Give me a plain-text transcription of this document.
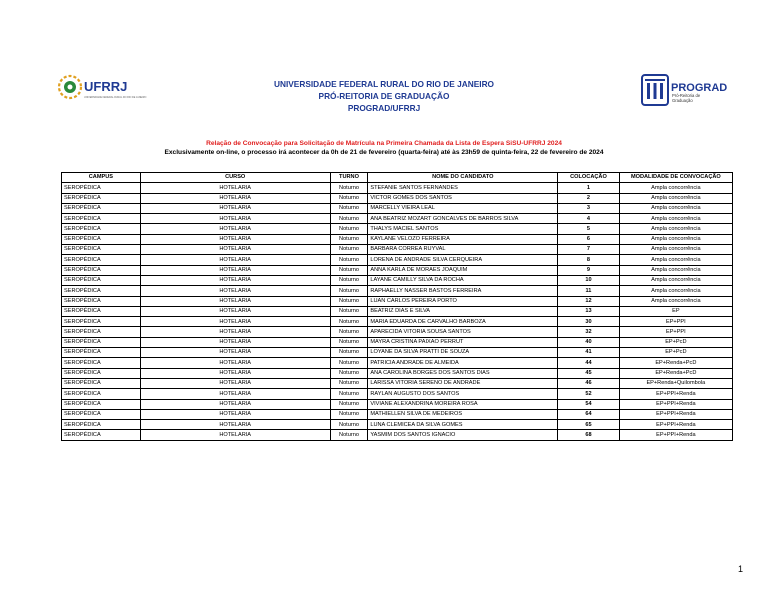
UFRRJ
UNIVERSIDADE FEDERAL RURAL DO RIO DE JANEIRO
PROGRAD
Pró-Reitoria de
Graduação
UNIVERSIDADE FEDERAL RURAL DO RIO DE JANEIRO
PRÓ-REITORIA DE GRADUAÇÃO
PROGRAD/UFRRJ
Relação de Convocação para Solicitação de Matrícula na Primeira Chamada da Lista de Espera SiSU-UFRRJ 2024
Exclusivamente on-line, o processo irá acontecer da 0h de 21 de fevereiro (quarta-feira) até às 23h59 de quinta-feira, 22 de fevereiro de 2024
CAMPUS	CURSO	TURNO	NOME DO CANDIDATO	COLOCAÇÃO	MODALIDADE DE CONVOCAÇÃO
SEROPÉDICA	HOTELARIA	Noturno	STEFANIE SANTOS FERNANDES	1	Ampla concorrência
SEROPÉDICA	HOTELARIA	Noturno	VICTOR GOMES DOS SANTOS	2	Ampla concorrência
SEROPÉDICA	HOTELARIA	Noturno	MARCELLY VIEIRA LEAL	3	Ampla concorrência
SEROPÉDICA	HOTELARIA	Noturno	ANA BEATRIZ MOZART GONCALVES DE BARROS SILVA	4	Ampla concorrência
SEROPÉDICA	HOTELARIA	Noturno	THALYS MACIEL SANTOS	5	Ampla concorrência
SEROPÉDICA	HOTELARIA	Noturno	KAYLANE VELOZO FERREIRA	6	Ampla concorrência
SEROPÉDICA	HOTELARIA	Noturno	BARBARA CORREA RUYVAL	7	Ampla concorrência
SEROPÉDICA	HOTELARIA	Noturno	LORENA DE ANDRADE SILVA CERQUEIRA	8	Ampla concorrência
SEROPÉDICA	HOTELARIA	Noturno	ANNA KARLA DE MORAES JOAQUIM	9	Ampla concorrência
SEROPÉDICA	HOTELARIA	Noturno	LAYANE CAMILLY SILVA DA ROCHA	10	Ampla concorrência
SEROPÉDICA	HOTELARIA	Noturno	RAPHAELLY NASSER BASTOS FERREIRA	11	Ampla concorrência
SEROPÉDICA	HOTELARIA	Noturno	LUAN CARLOS PEREIRA PORTO	12	Ampla concorrência
SEROPÉDICA	HOTELARIA	Noturno	BEATRIZ DIAS E SILVA	13	EP
SEROPÉDICA	HOTELARIA	Noturno	MARIA EDUARDA DE CARVALHO BARBOZA	30	EP+PPI
SEROPÉDICA	HOTELARIA	Noturno	APARECIDA VITORIA SOUSA SANTOS	32	EP+PPI
SEROPÉDICA	HOTELARIA	Noturno	MAYRA CRISTINA PAIXAO PERRUT	40	EP+PcD
SEROPÉDICA	HOTELARIA	Noturno	LOYANE DA SILVA PRATTI DE SOUZA	41	EP+PcD
SEROPÉDICA	HOTELARIA	Noturno	PATRICIA ANDRADE DE ALMEIDA	44	EP+Renda+PcD
SEROPÉDICA	HOTELARIA	Noturno	ANA CAROLINA BORGES DOS SANTOS DIAS	45	EP+Renda+PcD
SEROPÉDICA	HOTELARIA	Noturno	LARISSA VITORIA SERENO DE ANDRADE	46	EP+Renda+Quilombola
SEROPÉDICA	HOTELARIA	Noturno	RAYLAN AUGUSTO DOS SANTOS	52	EP+PPI+Renda
SEROPÉDICA	HOTELARIA	Noturno	VIVIANE ALEXANDRINA MOREIRA ROSA	54	EP+PPI+Renda
SEROPÉDICA	HOTELARIA	Noturno	MATHIELLEN SILVA DE MEDEIROS	64	EP+PPI+Renda
SEROPÉDICA	HOTELARIA	Noturno	LUNA CLEMICEA DA SILVA GOMES	65	EP+PPI+Renda
SEROPÉDICA	HOTELARIA	Noturno	YASMIM DOS SANTOS IGNACIO	68	EP+PPI+Renda
1
